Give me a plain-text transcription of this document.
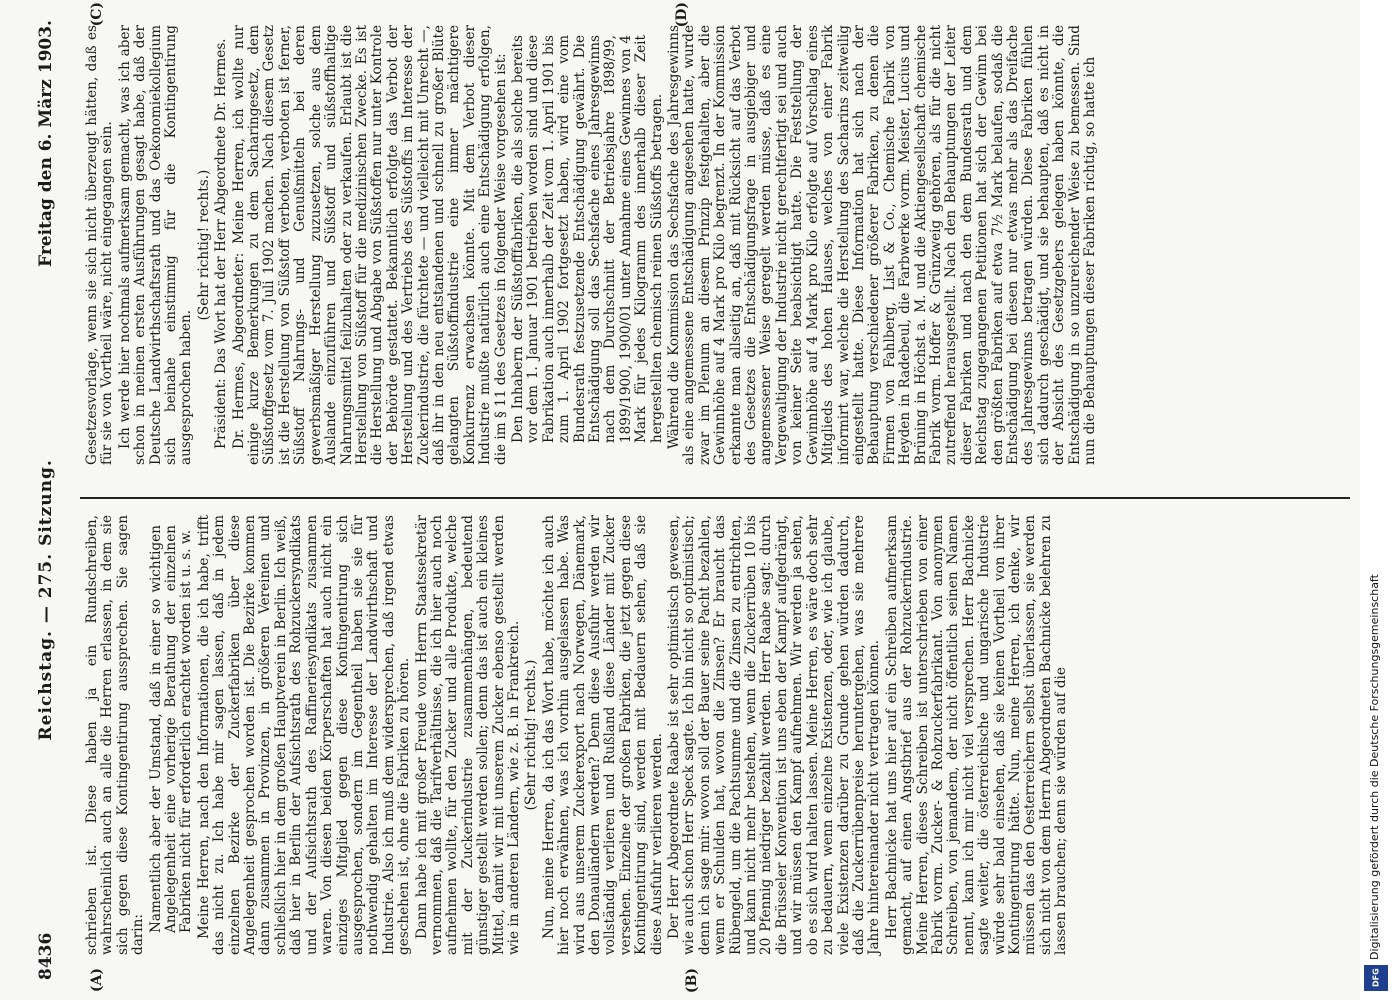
8436
Reichstag. — 275. Sitzung.
Freitag den 6. März 1903.

schrieben ist. Diese haben ja ein Rundschreiben, wahrscheinlich auch an alle die Herren erlassen, in dem sie sich gegen diese Kontingentirung aussprechen. Sie sagen darin:

Namentlich aber der Umstand, daß in einer so wichtigen Angelegenheit eine vorherige Berathung der einzelnen Fabriken nicht für erforderlich erachtet worden ist u. s. w. Meine Herren, nach den Informationen, die ich habe, trifft das nicht zu. Ich habe mir sagen lassen, daß in jedem einzelnen Bezirke der Zuckerfabriken über diese Angelegenheit gesprochen worden ist. Die Bezirke kommen dann zusammen in Provinzen, in größeren Vereinen und schließlich hier in dem großen Hauptverein in Berlin. Ich weiß, daß hier in Berlin der Aufsichtsrath des Rohzuckersyndikats und der Aufsichtsrath des Raffineriesyndikats zusammen waren. Von diesen beiden Körperschaften hat auch nicht ein einziges Mitglied gegen diese Kontingentirung sich ausgesprochen, sondern im Gegentheil haben sie sie für nothwendig gehalten im Interesse der Landwirthschaft und Industrie. Also ich muß dem widersprechen, daß irgend etwas geschehen ist, ohne die Fabriken zu hören. Dann habe ich mit großer Freude vom Herrn Staatssekretär vernommen, daß die Tarifverhältnisse, die ich hier auch noch aufnehmen wollte, für den Zucker und alle Produkte, welche mit der Zuckerindustrie zusammenhängen, bedeutend günstiger gestellt werden sollen; denn das ist auch ein kleines Mittel, damit wir mit unserem Zucker ebenso gestellt werden wie in anderen Ländern, wie z. B. in Frankreich. (Sehr richtig! rechts.) Nun, meine Herren, da ich das Wort habe, möchte ich auch hier noch erwähnen, was ich vorhin ausgelassen habe. Was wird aus unserem Zuckerexport nach Norwegen, Dänemark, den Donauländern werden? Denn diese Ausfuhr werden wir vollständig verlieren und Rußland diese Länder mit Zucker versehen. Einzelne der großen Fabriken, die jetzt gegen diese Kontingentirung sind, werden mit Bedauern sehen, daß sie diese Ausfuhr verlieren werden. Der Herr Abgeordnete Raabe ist sehr optimistisch gewesen, wie auch schon Herr Speck sagte. Ich bin nicht so optimistisch; denn ich sage mir: wovon soll der Bauer seine Pacht bezahlen, wenn er Schulden hat, wovon die Zinsen? Er braucht das Rübengeld, um die Pachtsumme und die Zinsen zu entrichten, und kann nicht mehr bestehen, wenn die Zuckerrüben 10 bis 20 Pfennig niedriger bezahlt werden. Herr Raabe sagt: durch die Brüsseler Konvention ist uns eben der Kampf aufgedrängt, und wir müssen den Kampf aufnehmen. Wir werden ja sehen, ob es sich wird halten lassen. Meine Herren, es wäre doch sehr zu bedauern, wenn einzelne Existenzen, oder, wie ich glaube, viele Existenzen darüber zu Grunde gehen würden dadurch, daß die Zuckerrübenpreise heruntergehen, was sie mehrere Jahre hintereinander nicht vertragen können. Herr Bachnicke hat uns hier auf ein Schreiben aufmerksam gemacht, auf einen Angstbrief aus der Rohzuckerindustrie. Meine Herren, dieses Schreiben ist unterschrieben von einer Fabrik vorm. Zucker- & Rohzuckerfabrikant. Von anonymen Schreiben, von jemandem, der nicht öffentlich seinen Namen nennt, kann ich mir nicht viel versprechen. Herr Bachnicke sagte weiter, die österreichische und ungarische Industrie würde sehr bald einsehen, daß sie keinen Vortheil von ihrer Kontingentirung hätte. Nun, meine Herren, ich denke, wir müssen das den Oesterreichern selbst überlassen, sie werden sich nicht von dem Herrn Abgeordneten Bachnicke belehren zu lassen brauchen; denn sie würden auf die

Gesetzesvorlage, wenn sie sich nicht überzeugt hätten, daß es für sie von Vortheil wäre, nicht eingegangen sein. Ich werde hier nochmals aufmerksam gemacht, was ich aber schon in meinen ersten Ausführungen gesagt habe, daß der Deutsche Landwirthschaftsrath und das Oekonomiekollegium sich beinahe einstimmig für die Kontingentirung ausgesprochen haben.

(Sehr richtig! rechts.) Präsident: Das Wort hat der Herr Abgeordnete Dr. Hermes. Dr. Hermes, Abgeordneter: Meine Herren, ich wollte nur einige kurze Bemerkungen zu dem Sacharingesetz, dem Süßstoffgesetz vom 7. Juli 1902 machen. Nach diesem Gesetz ist die Herstellung von Süßstoff verboten, verboten ist ferner, Süßstoff Nahrungs- und Genußmitteln bei deren gewerbsmäßiger Herstellung zuzusetzen, solche aus dem Auslande einzuführen und Süßstoff und süßstoffhaltige Nahrungsmittel feilzuhalten oder zu verkaufen. Erlaubt ist die Herstellung von Süßstoff für die medizinischen Zwecke. Es ist die Herstellung und Abgabe von Süßstoffen nur unter Kontrole der Behörde gestattet. Bekanntlich erfolgte das Verbot der Herstellung und des Vertriebs des Süßstoffs im Interesse der Zuckerindustrie, die fürchtete — und vielleicht mit Unrecht —, daß ihr in den neu entstandenen und schnell zu großer Blüte gelangten Süßstoffindustrie eine immer mächtigere Konkurrenz erwachsen könnte. Mit dem Verbot dieser Industrie mußte natürlich auch eine Entschädigung erfolgen, die im § 11 des Gesetzes in folgender Weise vorgesehen ist: Den Inhabern der Süßstofffabriken, die als solche bereits vor dem 1. Januar 1901 betrieben worden sind und diese Fabrikation auch innerhalb der Zeit vom 1. April 1901 bis zum 1. April 1902 fortgesetzt haben, wird eine vom Bundesrath festzusetzende Entschädigung gewährt. Die Entschädigung soll das Sechsfache eines Jahresgewinns nach dem Durchschnitt der Betriebsjahre 1898/99, 1899/1900, 1900/01 unter Annahme eines Gewinnes von 4 Mark für jedes Kilogramm des innerhalb dieser Zeit hergestellten chemisch reinen Süßstoffs betragen. Während die Kommission das Sechsfache des Jahresgewinns als eine angemessene Entschädigung angesehen hatte, wurde zwar im Plenum an diesem Prinzip festgehalten, aber die Gewinnhöhe auf 4 Mark pro Kilo begrenzt. In der Kommission erkannte man allseitig an, daß mit Rücksicht auf das Verbot des Gesetzes die Entschädigungsfrage in ausgiebiger und angemessener Weise geregelt werden müsse, daß es eine Vergewaltigung der Industrie nicht gerechtfertigt sei und auch von keiner Seite beabsichtigt hatte. Die Feststellung der Gewinnhöhe auf 4 Mark pro Kilo erfolgte auf Vorschlag eines Mitglieds des hohen Hauses, welches von einer Fabrik informirt war, welche die Herstellung des Sacharins zeitweilig eingestellt hatte. Diese Information hat sich nach der Behauptung verschiedener größerer Fabriken, zu denen die Firmen von Fahlberg, List & Co., Chemische Fabrik von Heyden in Radebeul, die Farbwerke vorm. Meister, Lucius und Brüning in Höchst a. M. und die Aktiengesellschaft chemische Fabrik vorm. Hoffer & Grünzweig gehören, als für die nicht zutreffend herausgestellt. Nach den Behauptungen der Leiter dieser Fabriken und nach den dem Bundesrath und dem Reichstag zugegangenen Petitionen hat sich der Gewinn bei den größten Fabriken auf etwa 7½ Mark belaufen, sodaß die Entschädigung bei diesen nur etwas mehr als das Dreifache des Jahresgewinns betragen würden. Diese Fabriken fühlen sich dadurch geschädigt, und sie behaupten, daß es nicht in der Absicht des Gesetzgebers gelegen haben könnte, die Entschädigung in so unzureichender Weise zu bemessen. Sind nun die Behauptungen dieser Fabriken richtig, so hatte ich

(A)	(B)
(C)	(D)
Digitalisierung gefördert durch die Deutsche Forschungsgemeinschaft
DFG
